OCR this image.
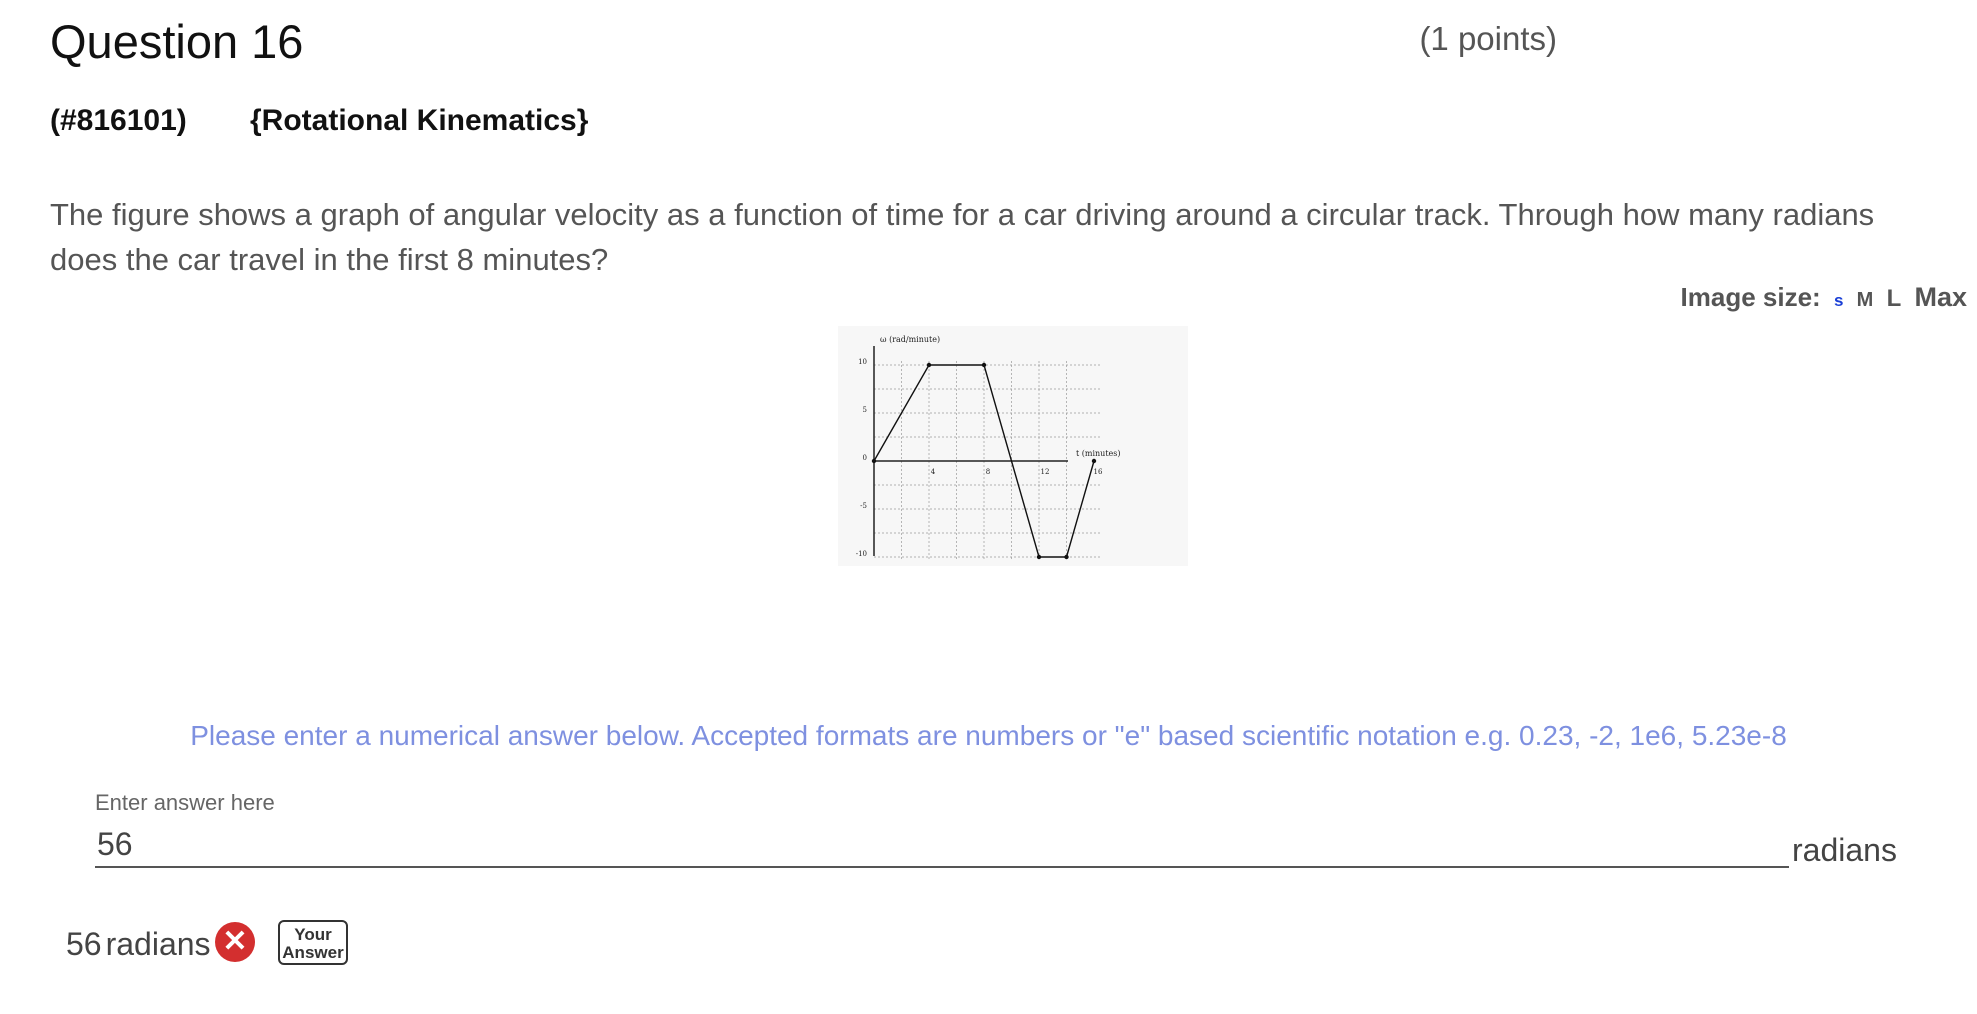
Question 16	(1 points)
(#816101) {Rotational Kinematics}
The figure shows a graph of angular velocity as a function of time for a car driving around a circular track. Through how many radians does the car travel in the first 8 minutes?
Image size: s M L Max
ω (rad/minute)
t (minutes)
10
5
0
-5
-10
4	8	12	16
Please enter a numerical answer below. Accepted formats are numbers or "e" based scientific notation e.g. 0.23, -2, 1e6, 5.23e-8
Enter answer here
56
radians
56 radians ✕	Your
Answer
